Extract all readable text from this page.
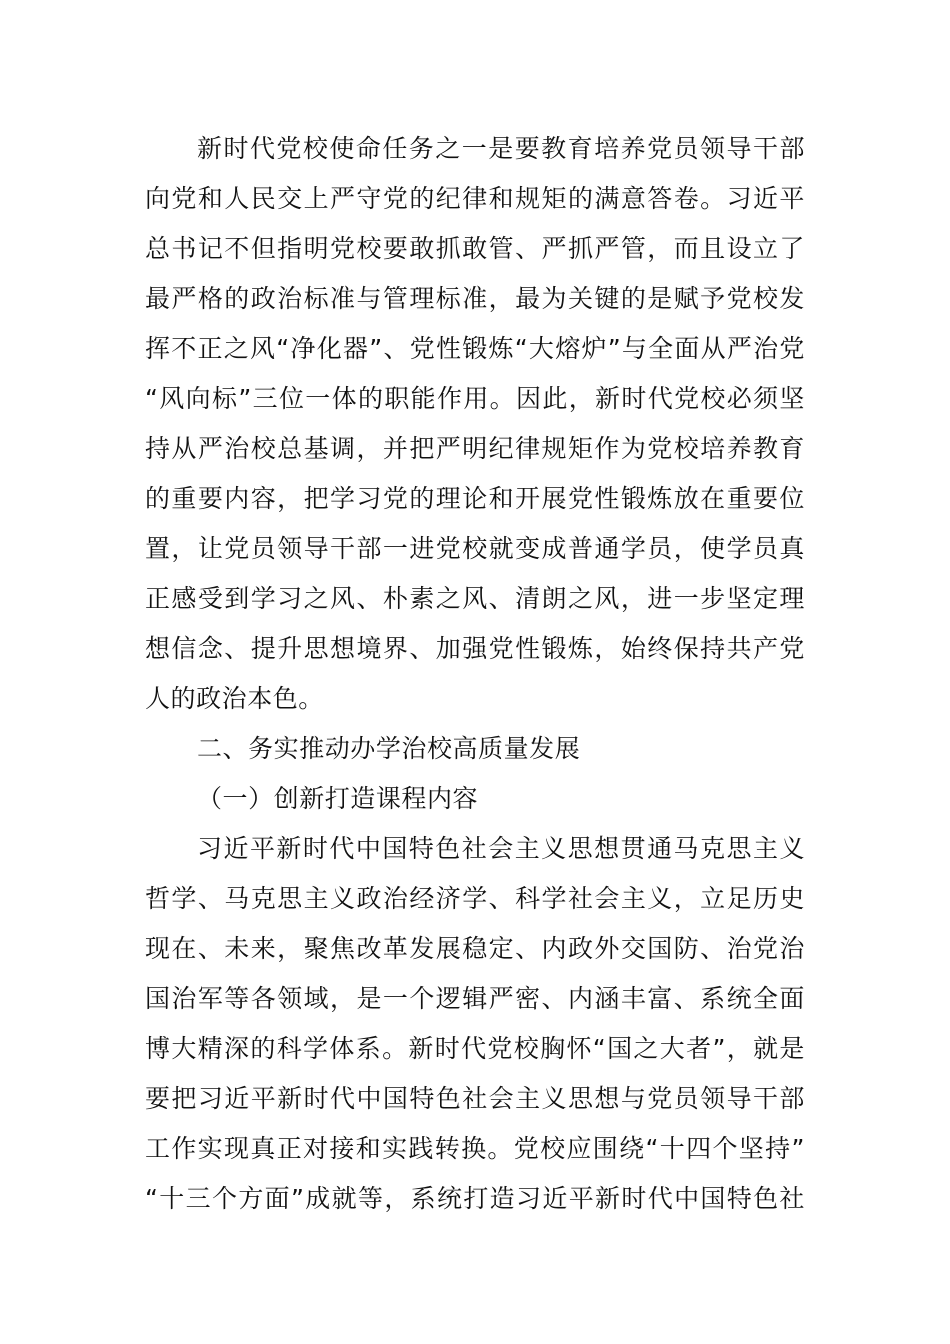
新时代党校使命任务之一是要教育培养党员领导干部
向党和人民交上严守党的纪律和规矩的满意答卷。习近平
总书记不但指明党校要敢抓敢管、严抓严管，而且设立了
最严格的政治标准与管理标准，最为关键的是赋予党校发
挥不正之风“净化器”、党性锻炼“大熔炉”与全面从严治党
“风向标”三位一体的职能作用。因此，新时代党校必须坚
持从严治校总基调，并把严明纪律规矩作为党校培养教育
的重要内容，把学习党的理论和开展党性锻炼放在重要位
置，让党员领导干部一进党校就变成普通学员，使学员真
正感受到学习之风、朴素之风、清朗之风，进一步坚定理
想信念、提升思想境界、加强党性锻炼，始终保持共产党
人的政治本色。
二、务实推动办学治校高质量发展
（一）创新打造课程内容
习近平新时代中国特色社会主义思想贯通马克思主义
哲学、马克思主义政治经济学、科学社会主义，立足历史
现在、未来，聚焦改革发展稳定、内政外交国防、治党治
国治军等各领域，是一个逻辑严密、内涵丰富、系统全面
博大精深的科学体系。新时代党校胸怀“国之大者”，就是
要把习近平新时代中国特色社会主义思想与党员领导干部
工作实现真正对接和实践转换。党校应围绕“十四个坚持”
“十三个方面”成就等，系统打造习近平新时代中国特色社
